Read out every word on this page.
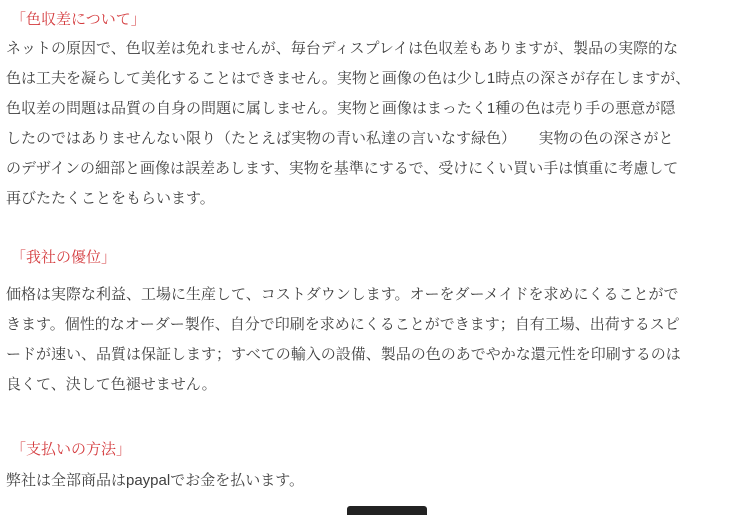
「色収差について」
ネットの原因で、色収差は免れませんが、毎台ディスプレイは色収差もありますが、製品の実際的な
色は工夫を凝らして美化することはできません。実物と画像の色は少し1時点の深さが存在しますが、
色収差の問題は品質の自身の問題に属しません。実物と画像はまったく1種の色は売り手の悪意が隠
したのではありませんない限り（たとえば実物の青い私達の言いなす緑色）　　実物の色の深さがと
のデザインの細部と画像は誤差あします、実物を基準にするで、受けにくい買い手は慎重に考慮して
再びたたくことをもらいます。
「我社の優位」
価格は実際な利益、工場に生産して、コストダウンします。オーをダーメイドを求めにくることがで
きます。個性的なオーダー製作、自分で印刷を求めにくることができます；自有工場、出荷するスピ
ードが速い、品質は保証します；すべての輸入の設備、製品の色のあでやかな還元性を印刷するのは
良くて、決して色褪せません。
「支払いの方法」
弊社は全部商品はpaypalでお金を払います。
